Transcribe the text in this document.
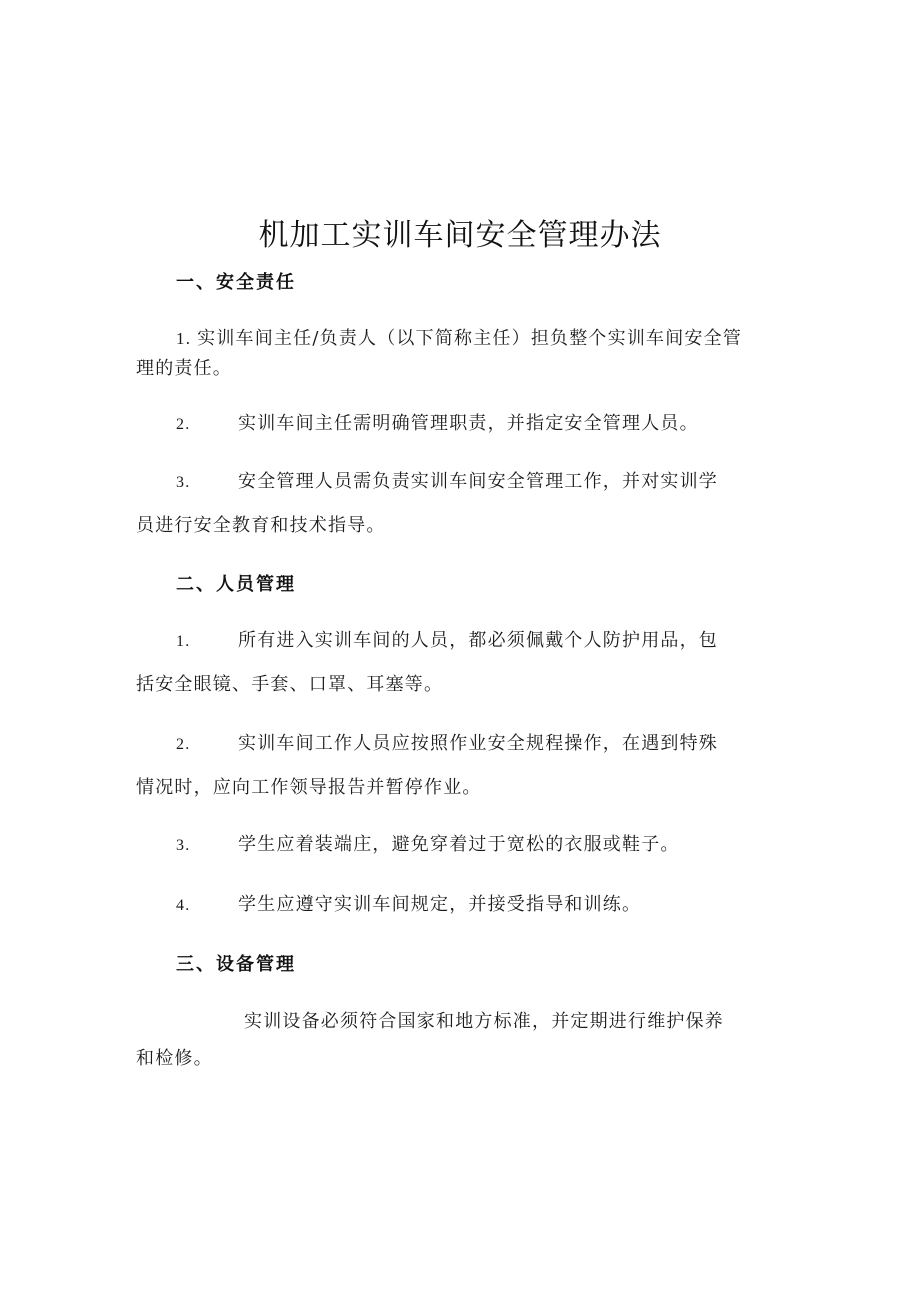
机加工实训车间安全管理办法
一、安全责任
1. 实训车间主任/负责人（以下简称主任）担负整个实训车间安全管
理的责任。
2.	实训车间主任需明确管理职责，并指定安全管理人员。
3.	安全管理人员需负责实训车间安全管理工作，并对实训学
员进行安全教育和技术指导。
二、人员管理
1.	所有进入实训车间的人员，都必须佩戴个人防护用品，包
括安全眼镜、手套、口罩、耳塞等。
2.	实训车间工作人员应按照作业安全规程操作，在遇到特殊
情况时，应向工作领导报告并暂停作业。
3.	学生应着装端庄，避免穿着过于宽松的衣服或鞋子。
4.	学生应遵守实训车间规定，并接受指导和训练。
三、设备管理
实训设备必须符合国家和地方标准，并定期进行维护保养
和检修。
